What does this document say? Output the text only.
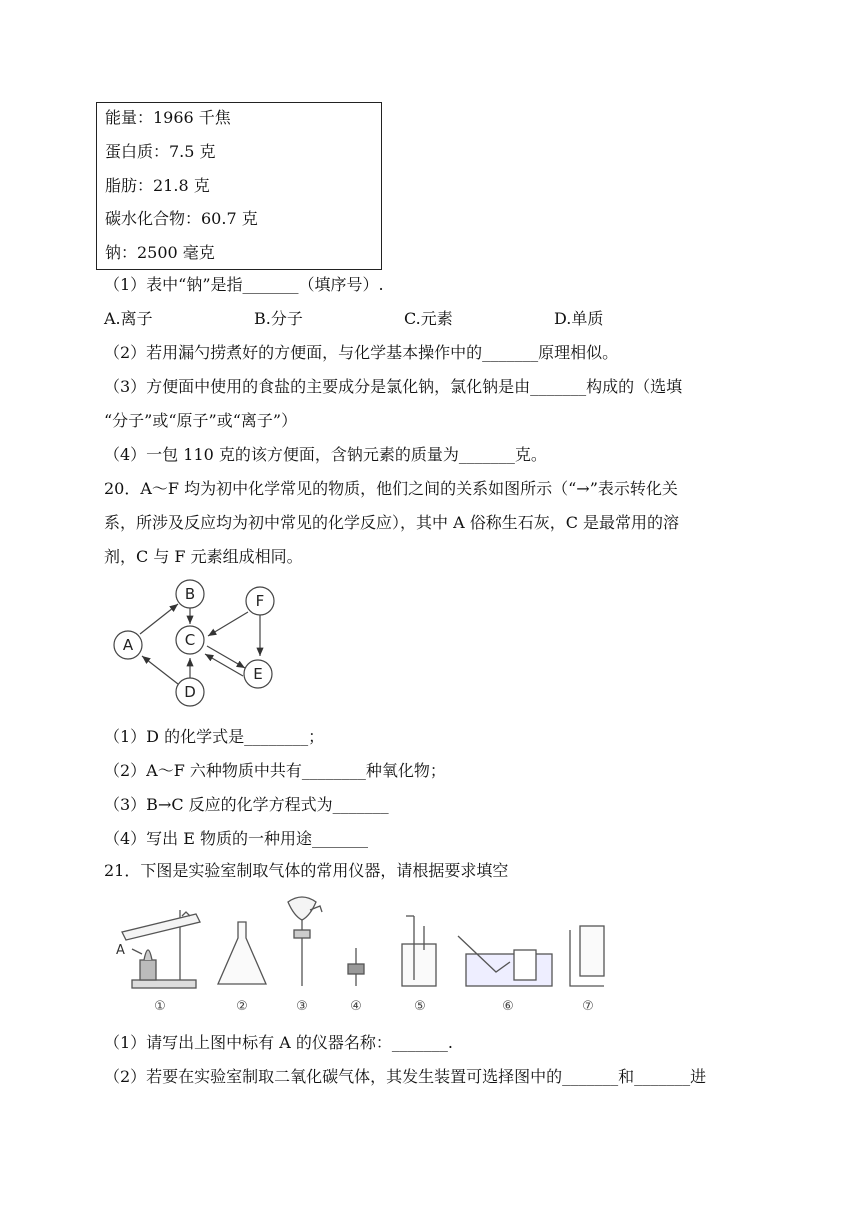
能量：1966 千焦
蛋白质：7.5 克
脂肪：21.8 克
碳水化合物：60.7 克
钠：2500 毫克
（1）表中“钠”是指_______（填序号）.
A.离子	B.分子	C.元素	D.单质
（2）若用漏勺捞煮好的方便面，与化学基本操作中的_______原理相似。
（3）方便面中使用的食盐的主要成分是氯化钠，氯化钠是由_______构成的（选填
“分子”或“原子”或“离子”）
（4）一包 110 克的该方便面，含钠元素的质量为_______克。
20．A～F 均为初中化学常见的物质，他们之间的关系如图所示（“→”表示转化关
系，所涉及反应均为初中常见的化学反应），其中 A 俗称生石灰，C 是最常用的溶
剂，C 与 F 元素组成相同。
A
B
C
D
E
F
（1）D 的化学式是________；
（2）A～F 六种物质中共有________种氧化物；
（3）B→C 反应的化学方程式为_______
（4）写出 E 物质的一种用途_______
21．下图是实验室制取气体的常用仪器，请根据要求填空
A
①	②	③	④	⑤	⑥	⑦
（1）请写出上图中标有 A 的仪器名称：_______.
（2）若要在实验室制取二氧化碳气体，其发生装置可选择图中的_______和_______进
